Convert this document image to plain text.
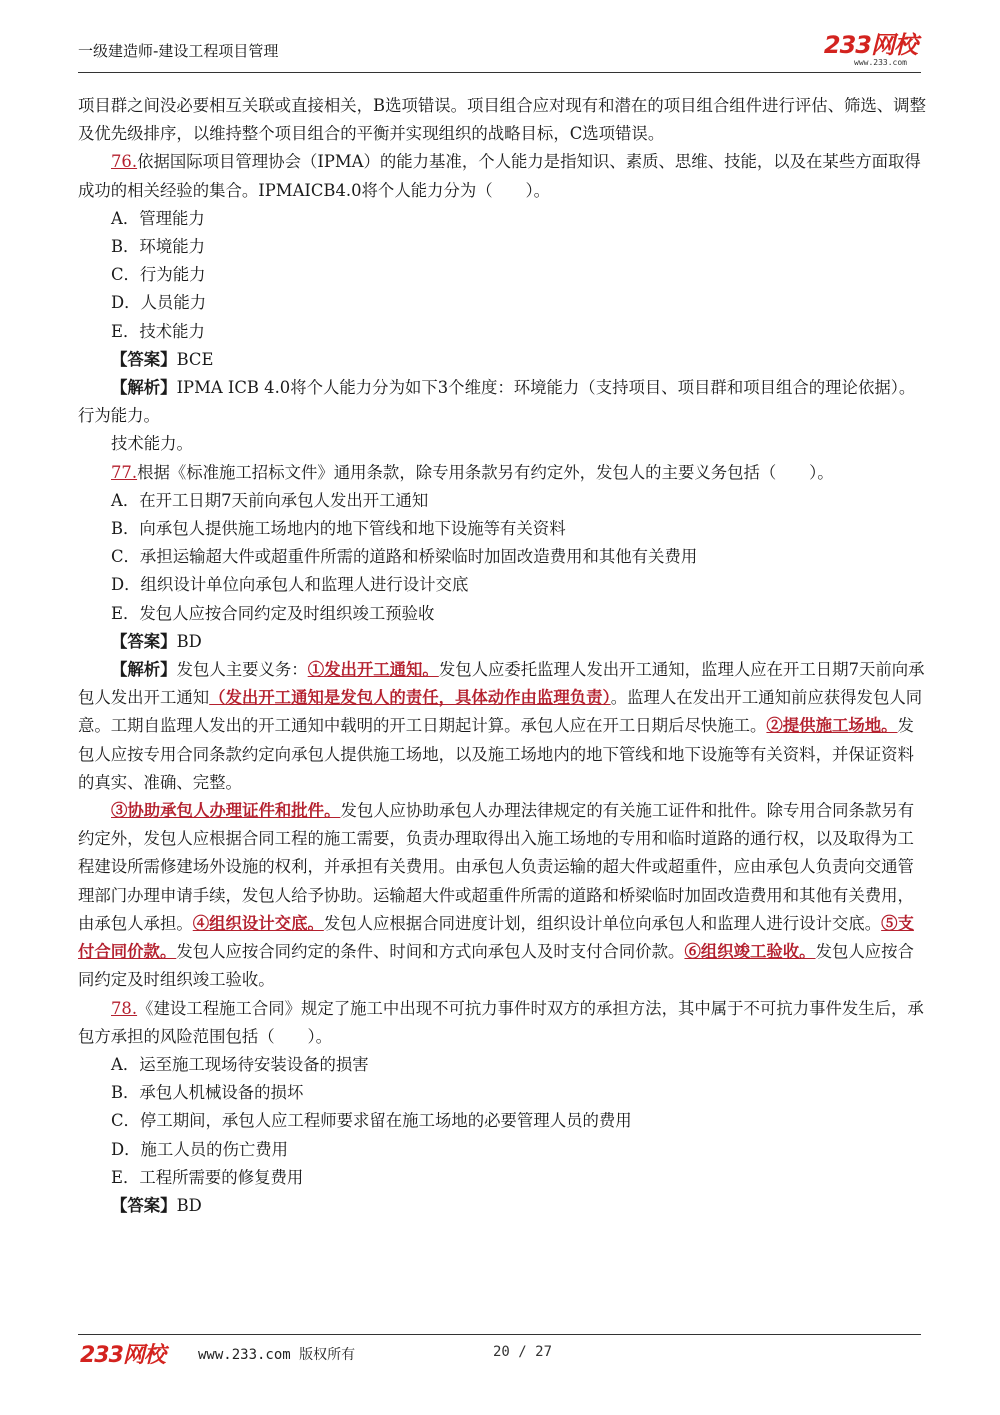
一级建造师-建设工程项目管理	233网校
www.233.com

项目群之间没必要相互关联或直接相关，B选项错误。项目组合应对现有和潜在的项目组合组件进行评估、筛选、调整及优先级排序，以维持整个项目组合的平衡并实现组织的战略目标，C选项错误。

76.依据国际项目管理协会（IPMA）的能力基准，个人能力是指知识、素质、思维、技能，以及在某些方面取得成功的相关经验的集合。IPMAICB4.0将个人能力分为（　　）。

A．管理能力

B．环境能力

C．行为能力

D．人员能力

E．技术能力

【答案】BCE

【解析】IPMA ICB 4.0将个人能力分为如下3个维度：环境能力（支持项目、项目群和项目组合的理论依据）。行为能力。

技术能力。

77.根据《标准施工招标文件》通用条款，除专用条款另有约定外，发包人的主要义务包括（　　）。

A．在开工日期7天前向承包人发出开工通知

B．向承包人提供施工场地内的地下管线和地下设施等有关资料

C．承担运输超大件或超重件所需的道路和桥梁临时加固改造费用和其他有关费用

D．组织设计单位向承包人和监理人进行设计交底

E．发包人应按合同约定及时组织竣工预验收

【答案】BD

【解析】发包人主要义务：①发出开工通知。发包人应委托监理人发出开工通知，监理人应在开工日期7天前向承包人发出开工通知（发出开工通知是发包人的责任，具体动作由监理负责）。监理人在发出开工通知前应获得发包人同意。工期自监理人发出的开工通知中载明的开工日期起计算。承包人应在开工日期后尽快施工。②提供施工场地。发包人应按专用合同条款约定向承包人提供施工场地，以及施工场地内的地下管线和地下设施等有关资料，并保证资料的真实、准确、完整。

③协助承包人办理证件和批件。发包人应协助承包人办理法律规定的有关施工证件和批件。除专用合同条款另有约定外，发包人应根据合同工程的施工需要，负责办理取得出入施工场地的专用和临时道路的通行权，以及取得为工程建设所需修建场外设施的权利，并承担有关费用。由承包人负责运输的超大件或超重件，应由承包人负责向交通管理部门办理申请手续，发包人给予协助。运输超大件或超重件所需的道路和桥梁临时加固改造费用和其他有关费用，由承包人承担。④组织设计交底。发包人应根据合同进度计划，组织设计单位向承包人和监理人进行设计交底。⑤支付合同价款。发包人应按合同约定的条件、时间和方式向承包人及时支付合同价款。⑥组织竣工验收。发包人应按合同约定及时组织竣工验收。

78.《建设工程施工合同》规定了施工中出现不可抗力事件时双方的承担方法，其中属于不可抗力事件发生后，承包方承担的风险范围包括（　　）。

A．运至施工现场待安装设备的损害

B．承包人机械设备的损坏

C．停工期间，承包人应工程师要求留在施工场地的必要管理人员的费用

D．施工人员的伤亡费用

E．工程所需要的修复费用

【答案】BD

233网校 www.233.com 版权所有	20 / 27
